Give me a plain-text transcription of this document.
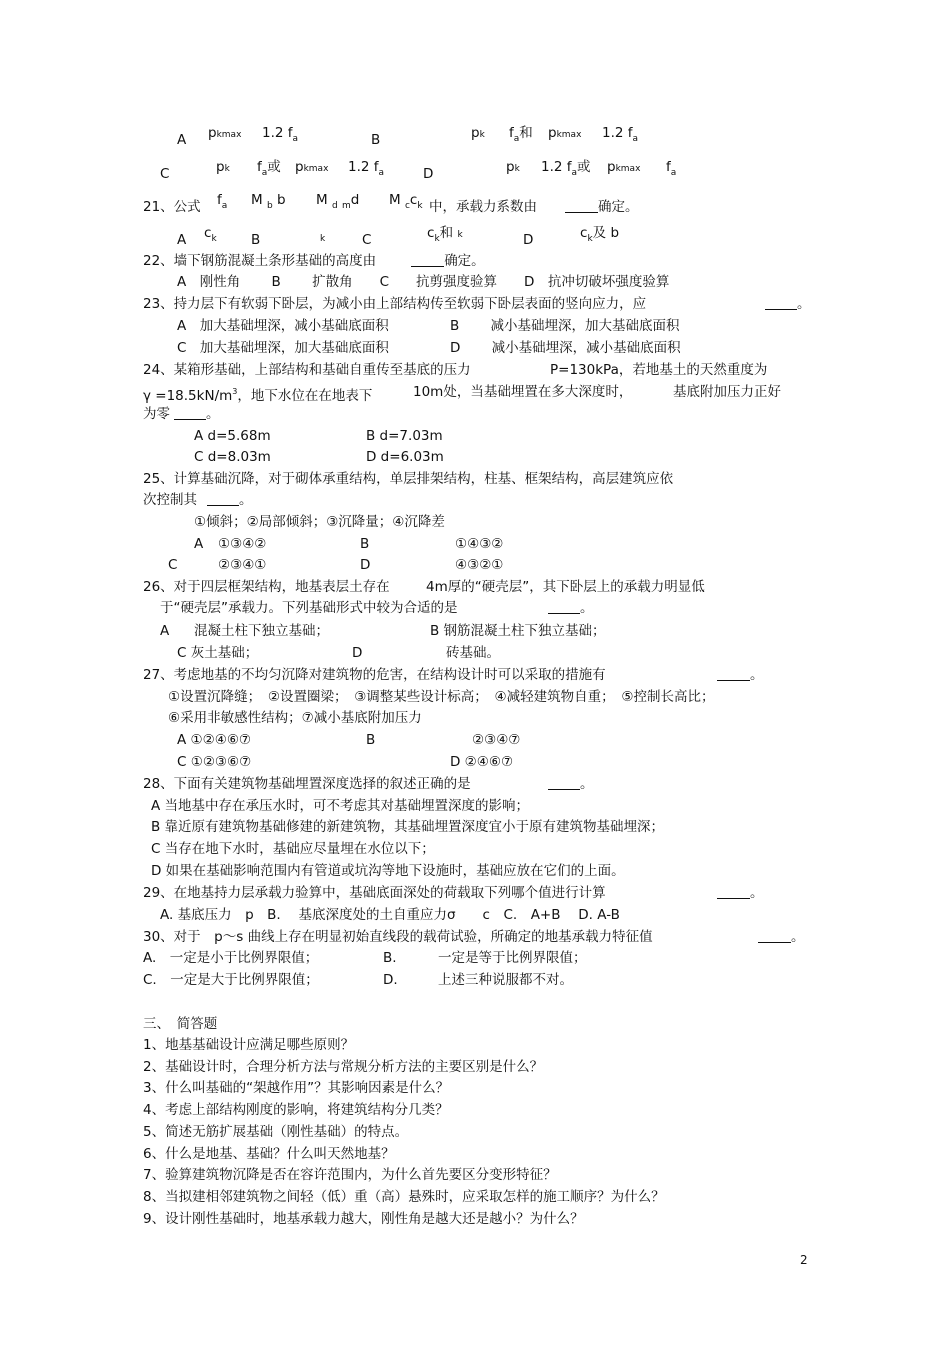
A pkmax 1.2 $f_a$	B	pk $f_a$和 pkmax 1.2 $f_a$
C	pk $f_a$或 pkmax 1.2 $f_a$	D	pk 1.2 $f_a$或 pkmax $f_a$
21、公式 $f_a$ M $_b$ b M $_d$ $_m$d M $_cc_k$ 中，承载力系数由	确定。
A $c_k$	B	k	C	$c_k$和 k	D	$c_k$及 b
22、墙下钢筋混凝土条形基础的高度由	确定。
A　刚性角　　 B　　 扩散角　　C　　抗剪强度验算　　D　抗冲切破坏强度验算
23、持力层下有软弱下卧层，为减小由上部结构传至软弱下卧层表面的竖向应力，应	。
A　加大基础埋深，减小基础底面积	B　　 减小基础埋深，加大基础底面积
C　加大基础埋深，加大基础底面积	D　　 减小基础埋深，减小基础底面积
24、某箱形基础，上部结构和基础自重传至基底的压力	P=130kPa，若地基土的天然重度为
$\gamma =18.5kN/m^3$，地下水位在在地表下	10m处，当基础埋置在多大深度时，	基底附加压力正好
为零	。
A d=5.68m	B d=7.03m
C d=8.03m	D d=6.03m
25、计算基础沉降，对于砌体承重结构，单层排架结构，柱基、框架结构，高层建筑应依
次控制其	。
①倾斜；②局部倾斜；③沉降量；④沉降差
A ①③④②	B	①④③②
C	②③④①	D	④③②①
26、对于四层框架结构，地基表层土存在	4m厚的“硬壳层”，其下卧层上的承载力明显低
于“硬壳层”承载力。下列基础形式中较为合适的是	。
A 混凝土柱下独立基础；	B 钢筋混凝土柱下独立基础；
C 灰土基础；	D	砖基础。
27、考虑地基的不均匀沉降对建筑物的危害，在结构设计时可以采取的措施有	。
①设置沉降缝；　②设置圈梁；　③调整某些设计标高；　④减轻建筑物自重；　⑤控制长高比；
⑥采用非敏感性结构；⑦减小基底附加压力
A ①②④⑥⑦	B	②③④⑦
C ①②③⑥⑦	D ②④⑥⑦
28、下面有关建筑物基础埋置深度选择的叙述正确的是	。
A 当地基中存在承压水时，可不考虑其对基础埋置深度的影响；
B 靠近原有建筑物基础修建的新建筑物，其基础埋置深度宜小于原有建筑物基础埋深；
C 当存在地下水时，基础应尽量埋在水位以下；
D 如果在基础影响范围内有管道或坑沟等地下设施时，基础应放在它们的上面。
29、在地基持力层承载力验算中，基础底面深处的荷载取下列哪个值进行计算	。
A. 基底压力　p　B.　 基底深度处的土自重应力σ　　c　C.　A+B　 D. A-B
30、对于　p～s 曲线上存在明显初始直线段的载荷试验，所确定的地基承载力特征值	。
A.　一定是小于比例界限值；	B.	一定是等于比例界限值；
C.　一定是大于比例界限值；	D.	上述三种说服都不对。
三、　简答题
1、地基基础设计应满足哪些原则？
2、基础设计时，合理分析方法与常规分析方法的主要区别是什么？
3、什么叫基础的“架越作用”？其影响因素是什么？
4、考虑上部结构刚度的影响，将建筑结构分几类？
5、简述无筋扩展基础（刚性基础）的特点。
6、什么是地基、基础？什么叫天然地基？
7、验算建筑物沉降是否在容许范围内，为什么首先要区分变形特征？
8、当拟建相邻建筑物之间轻（低）重（高）悬殊时，应采取怎样的施工顺序？为什么？
9、设计刚性基础时，地基承载力越大，刚性角是越大还是越小？为什么？
2
